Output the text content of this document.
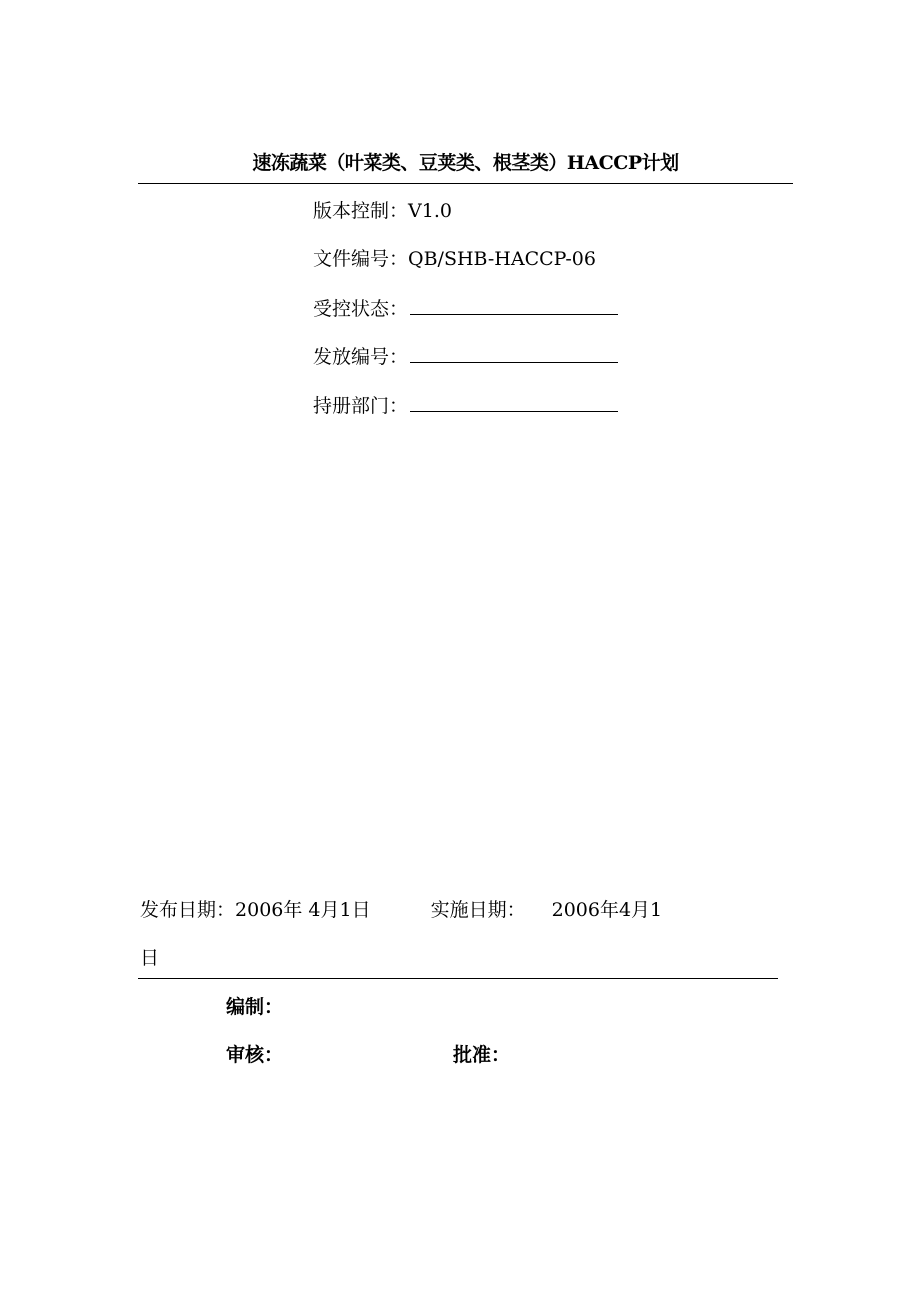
速冻蔬菜（叶菜类、豆荚类、根茎类）HACCP计划
版本控制：V1.0
文件编号：QB/SHB-HACCP-06
受控状态：
发放编号：
持册部门：
发布日期：2006年 4月1日	实施日期： 2006年4月1
日
编制：
审核：	批准：
